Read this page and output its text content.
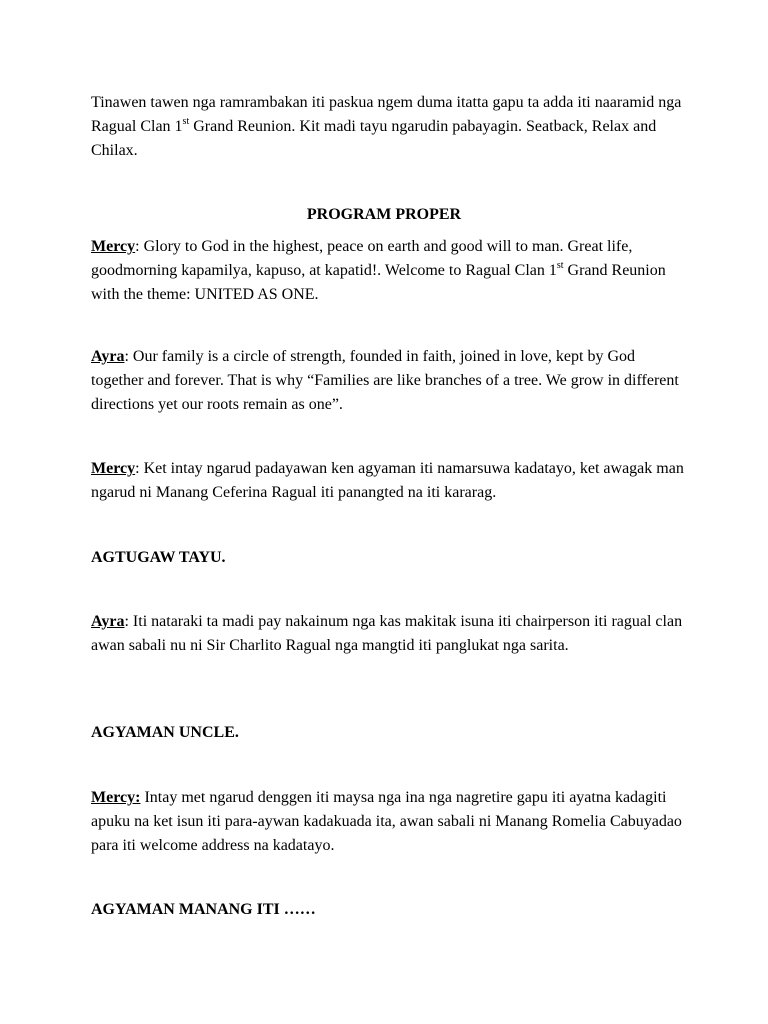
Tinawen tawen nga ramrambakan iti paskua ngem duma itatta gapu ta adda iti naaramid nga Ragual Clan 1st Grand Reunion. Kit madi tayu ngarudin pabayagin. Seatback, Relax and Chilax.

PROGRAM PROPER

Mercy: Glory to God in the highest, peace on earth and good will to man. Great life, goodmorning kapamilya, kapuso, at kapatid!. Welcome to Ragual Clan 1st Grand Reunion with the theme: UNITED AS ONE.

Ayra: Our family is a circle of strength, founded in faith, joined in love, kept by God together and forever. That is why “Families are like branches of a tree. We grow in different directions yet our roots remain as one”.

Mercy: Ket intay ngarud padayawan ken agyaman iti namarsuwa kadatayo, ket awagak man ngarud ni Manang Ceferina Ragual iti panangted na iti kararag.

AGTUGAW TAYU.

Ayra: Iti nataraki ta madi pay nakainum nga kas makitak isuna iti chairperson iti ragual clan awan sabali nu ni Sir Charlito Ragual nga mangtid iti panglukat nga sarita.

AGYAMAN UNCLE.

Mercy: Intay met ngarud denggen iti maysa nga ina nga nagretire gapu iti ayatna kadagiti apuku na ket isun iti para-aywan kadakuada ita, awan sabali ni Manang Romelia Cabuyadao para iti welcome address na kadatayo.

AGYAMAN MANANG ITI ……
